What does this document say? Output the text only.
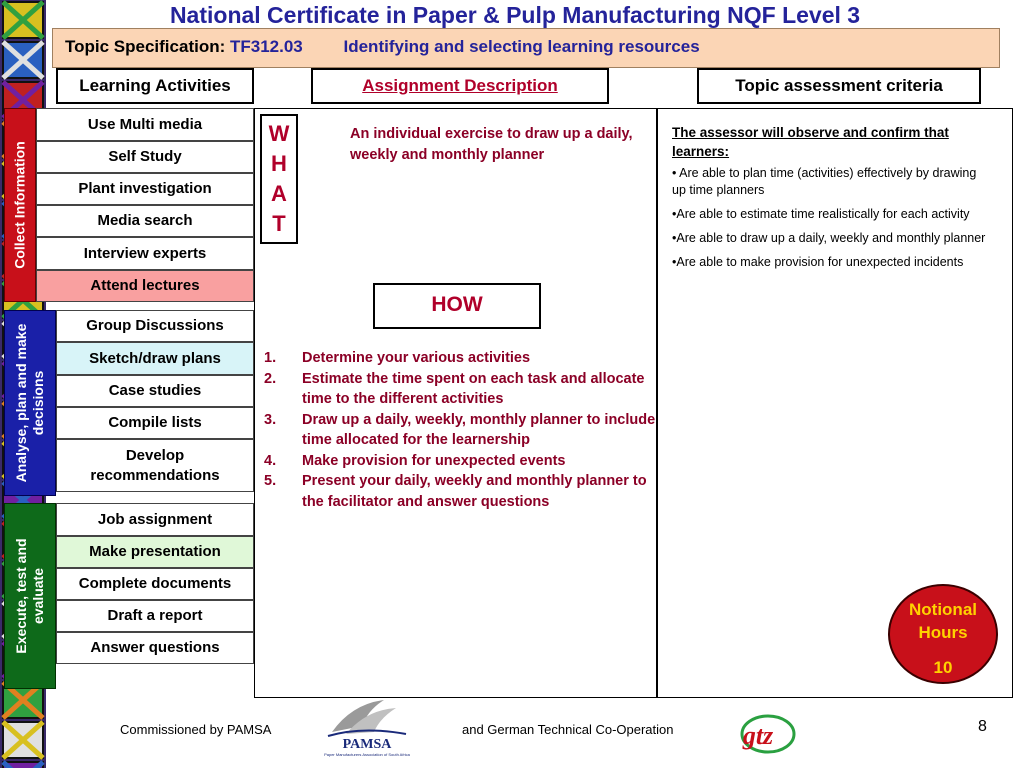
National Certificate in Paper & Pulp Manufacturing NQF Level 3
Topic Specification: TF312.03 Identifying and selecting learning resources
Learning Activities	Assignment Description	Topic assessment criteria
Collect Information
Use Multi media
Self Study
Plant investigation
Media search
Interview experts
Attend lectures
Analyse, plan and make decisions
Group Discussions
Sketch/draw plans
Case studies
Compile lists
Develop recommendations
Execute, test and evaluate
Job assignment
Make presentation
Complete documents
Draft a report
Answer questions
W
H
A
T
An individual exercise to draw up a daily, weekly and monthly planner
HOW
1. Determine your various activities
2. Estimate the time spent on each task and allocate time to the different activities
3. Draw up a daily, weekly, monthly planner to include time allocated for the learnership
4. Make provision for unexpected events
5. Present your daily, weekly and monthly planner to the facilitator and answer questions
The assessor will observe and confirm that learners:
• Are able to plan time (activities) effectively by drawing up time planners
•Are able to estimate time realistically for each activity
•Are able to draw up a daily, weekly and monthly planner
•Are able to make provision for unexpected incidents
Notional
Hours
10
Commissioned by PAMSA
PAMSA
Paper Manufacturers Association of South Africa
and German Technical Co-Operation	gtz	8
